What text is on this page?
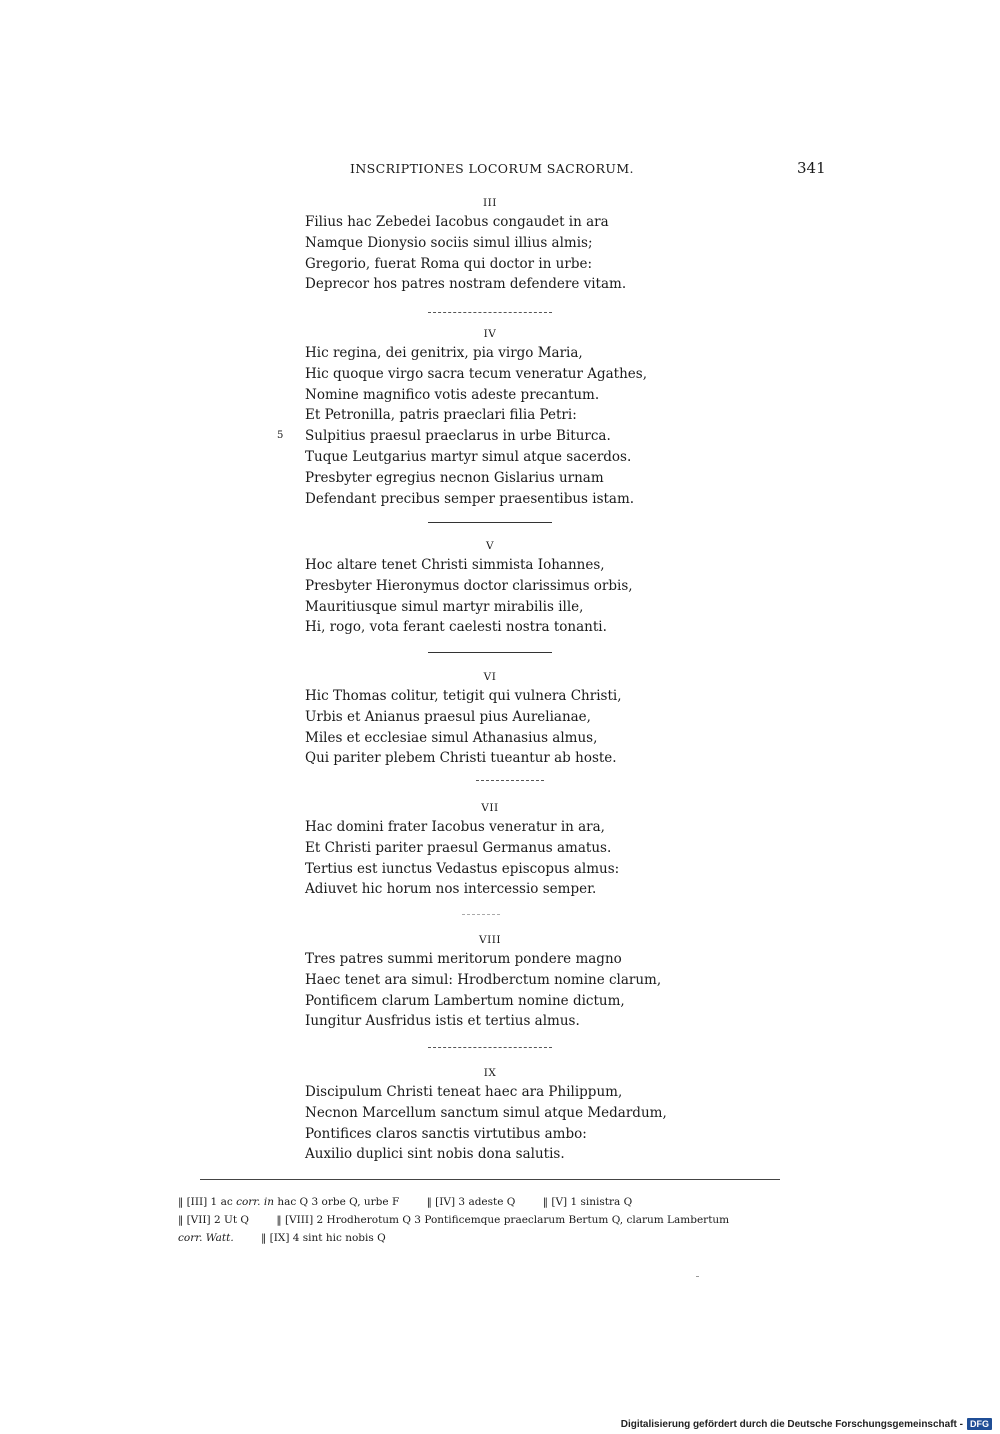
INSCRIPTIONES LOCORUM SACRORUM.	341
III
Filius hac Zebedei Iacobus congaudet in ara
Namque Dionysio sociis simul illius almis;
Gregorio, fuerat Roma qui doctor in urbe:
Deprecor hos patres nostram defendere vitam.
IV
Hic regina, dei genitrix, pia virgo Maria,
Hic quoque virgo sacra tecum veneratur Agathes,
Nomine magnifico votis adeste precantum.
Et Petronilla, patris praeclari filia Petri:
5 Sulpitius praesul praeclarus in urbe Biturca.
Tuque Leutgarius martyr simul atque sacerdos.
Presbyter egregius necnon Gislarius urnam
Defendant precibus semper praesentibus istam.
V
Hoc altare tenet Christi simmista Iohannes,
Presbyter Hieronymus doctor clarissimus orbis,
Mauritiusque simul martyr mirabilis ille,
Hi, rogo, vota ferant caelesti nostra tonanti.
VI
Hic Thomas colitur, tetigit qui vulnera Christi,
Urbis et Anianus praesul pius Aurelianae,
Miles et ecclesiae simul Athanasius almus,
Qui pariter plebem Christi tueantur ab hoste.
VII
Hac domini frater Iacobus veneratur in ara,
Et Christi pariter praesul Germanus amatus.
Tertius est iunctus Vedastus episcopus almus:
Adiuvet hic horum nos intercessio semper.
VIII
Tres patres summi meritorum pondere magno
Haec tenet ara simul: Hrodberctum nomine clarum,
Pontificem clarum Lambertum nomine dictum,
Iungitur Ausfridus istis et tertius almus.
IX
Discipulum Christi teneat haec ara Philippum,
Necnon Marcellum sanctum simul atque Medardum,
Pontifices claros sanctis virtutibus ambo:
Auxilio duplici sint nobis dona salutis.
‖ [III] 1 ac corr. in hac Q 3 orbe Q, urbe F	‖ [IV] 3 adeste Q	‖ [V] 1 sinistra Q
‖ [VII] 2 Ut Q	‖ [VIII] 2 Hrodherotum Q 3 Pontificemque praeclarum Bertum Q, clarum Lambertum
corr. Watt.	‖ [IX] 4 sint hic nobis Q
Digitalisierung gefördert durch die Deutsche Forschungsgemeinschaft - DFG
